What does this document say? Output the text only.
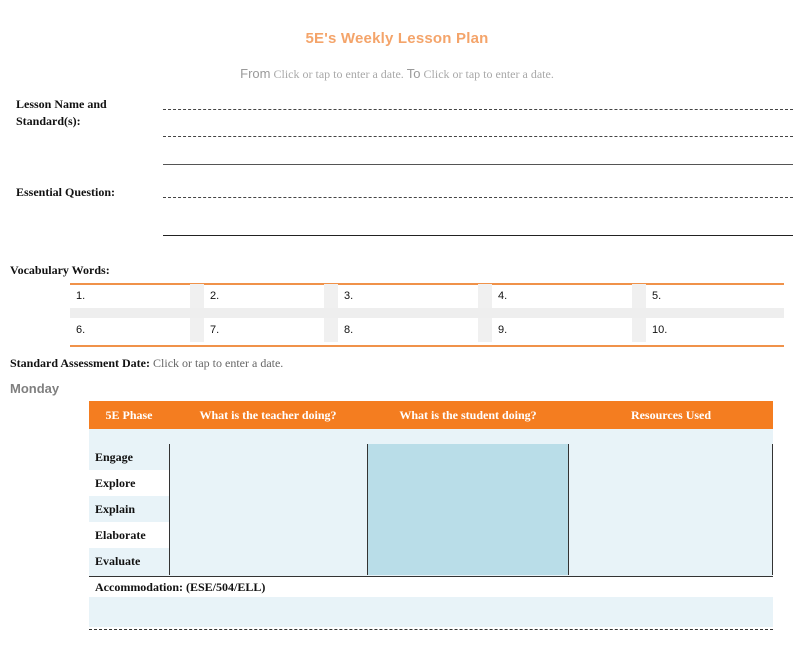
5E's Weekly Lesson Plan
From Click or tap to enter a date. To Click or tap to enter a date.
Lesson Name and Standard(s):
Essential Question:
Vocabulary Words:
1.	2.	3.	4.	5.
6.	7.	8.	9.	10.
Standard Assessment Date: Click or tap to enter a date.
Monday
5E Phase	What is the teacher doing?	What is the student doing?	Resources Used
Engage
Explore
Explain
Elaborate
Evaluate
Accommodation: (ESE/504/ELL)
